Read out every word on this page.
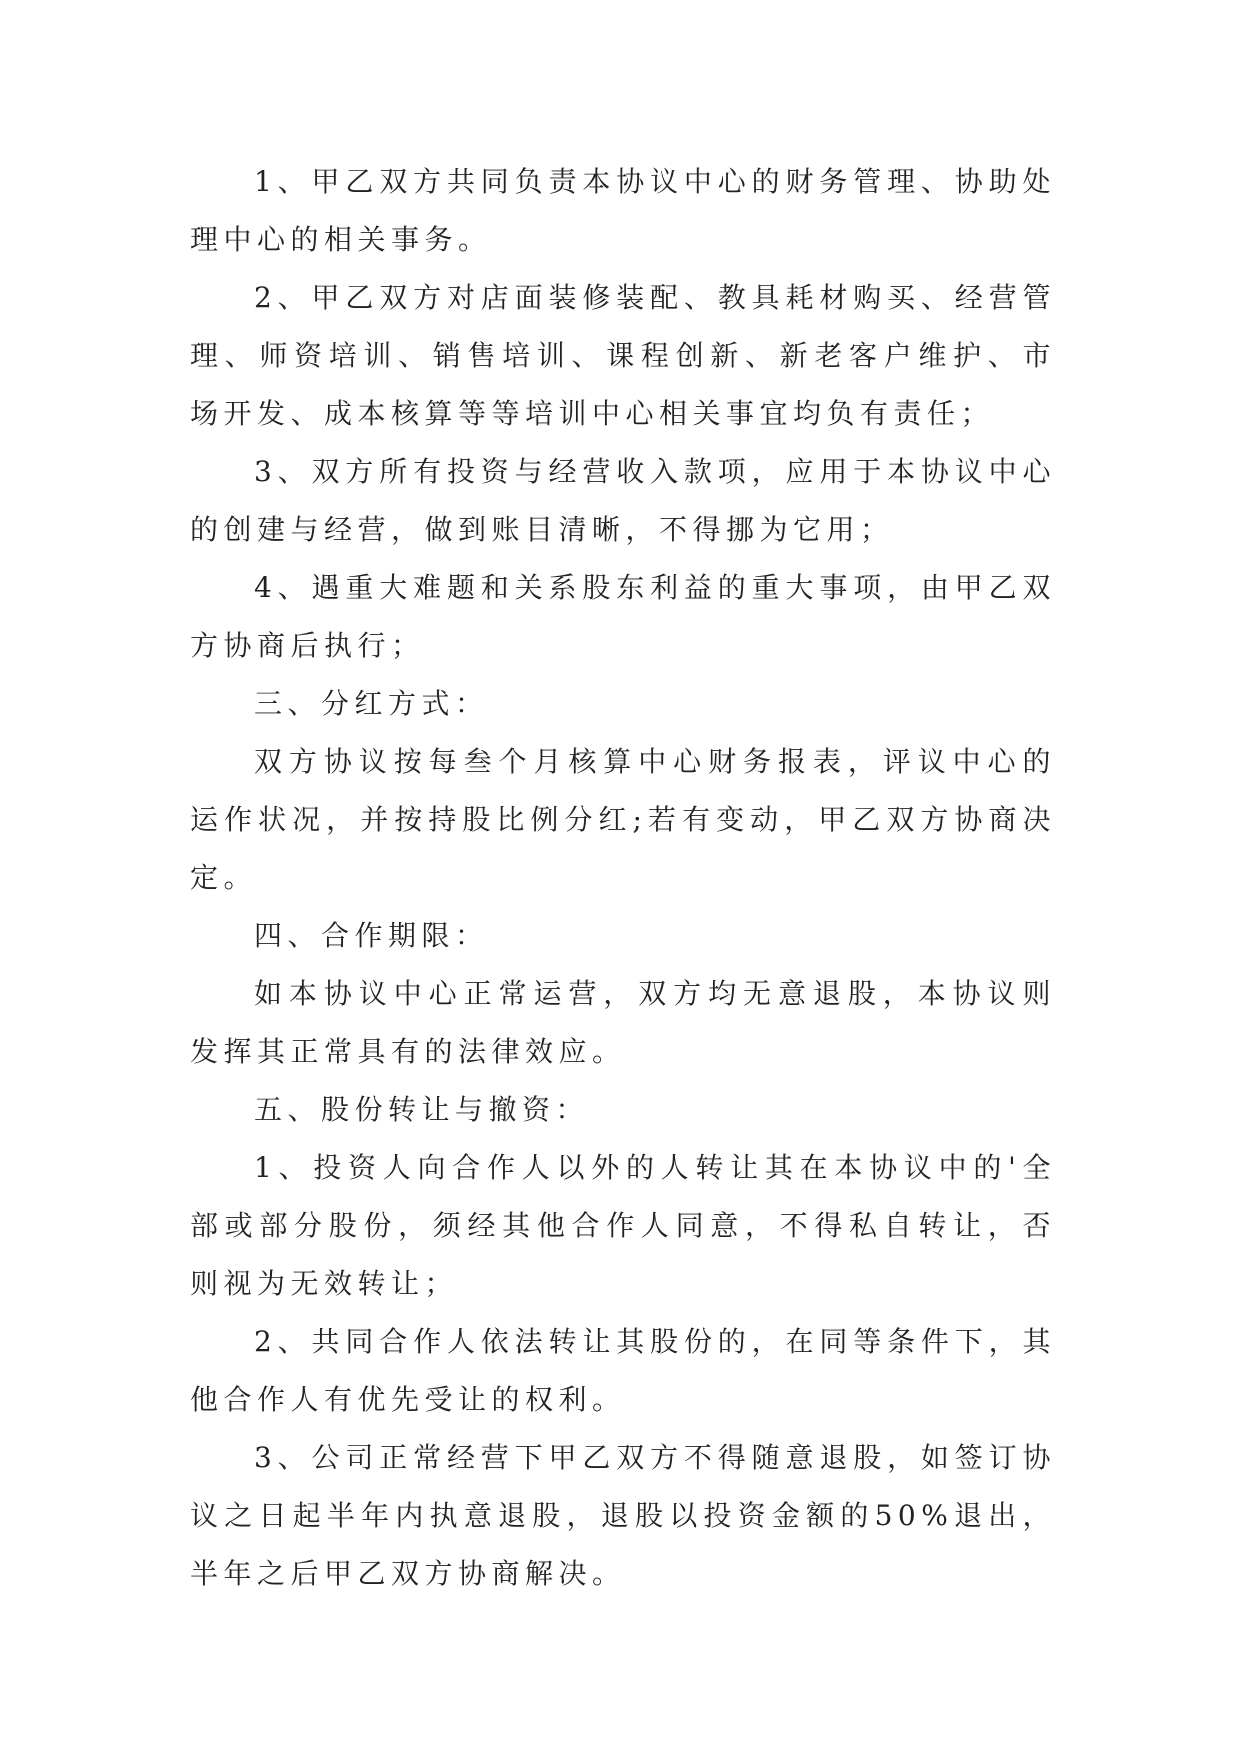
1、甲乙双方共同负责本协议中心的财务管理、协助处理中心的相关事务。

2、甲乙双方对店面装修装配、教具耗材购买、经营管理、师资培训、销售培训、课程创新、新老客户维护、市场开发、成本核算等等培训中心相关事宜均负有责任；

3、双方所有投资与经营收入款项，应用于本协议中心的创建与经营，做到账目清晰，不得挪为它用；

4、遇重大难题和关系股东利益的重大事项，由甲乙双方协商后执行；

三、分红方式：

双方协议按每叁个月核算中心财务报表，评议中心的运作状况，并按持股比例分红;若有变动，甲乙双方协商决定。

四、合作期限：

如本协议中心正常运营，双方均无意退股，本协议则发挥其正常具有的法律效应。

五、股份转让与撤资：

1、投资人向合作人以外的人转让其在本协议中的'全部或部分股份，须经其他合作人同意，不得私自转让，否则视为无效转让；

2、共同合作人依法转让其股份的，在同等条件下，其他合作人有优先受让的权利。

3、公司正常经营下甲乙双方不得随意退股，如签订协议之日起半年内执意退股，退股以投资金额的50%退出，半年之后甲乙双方协商解决。
